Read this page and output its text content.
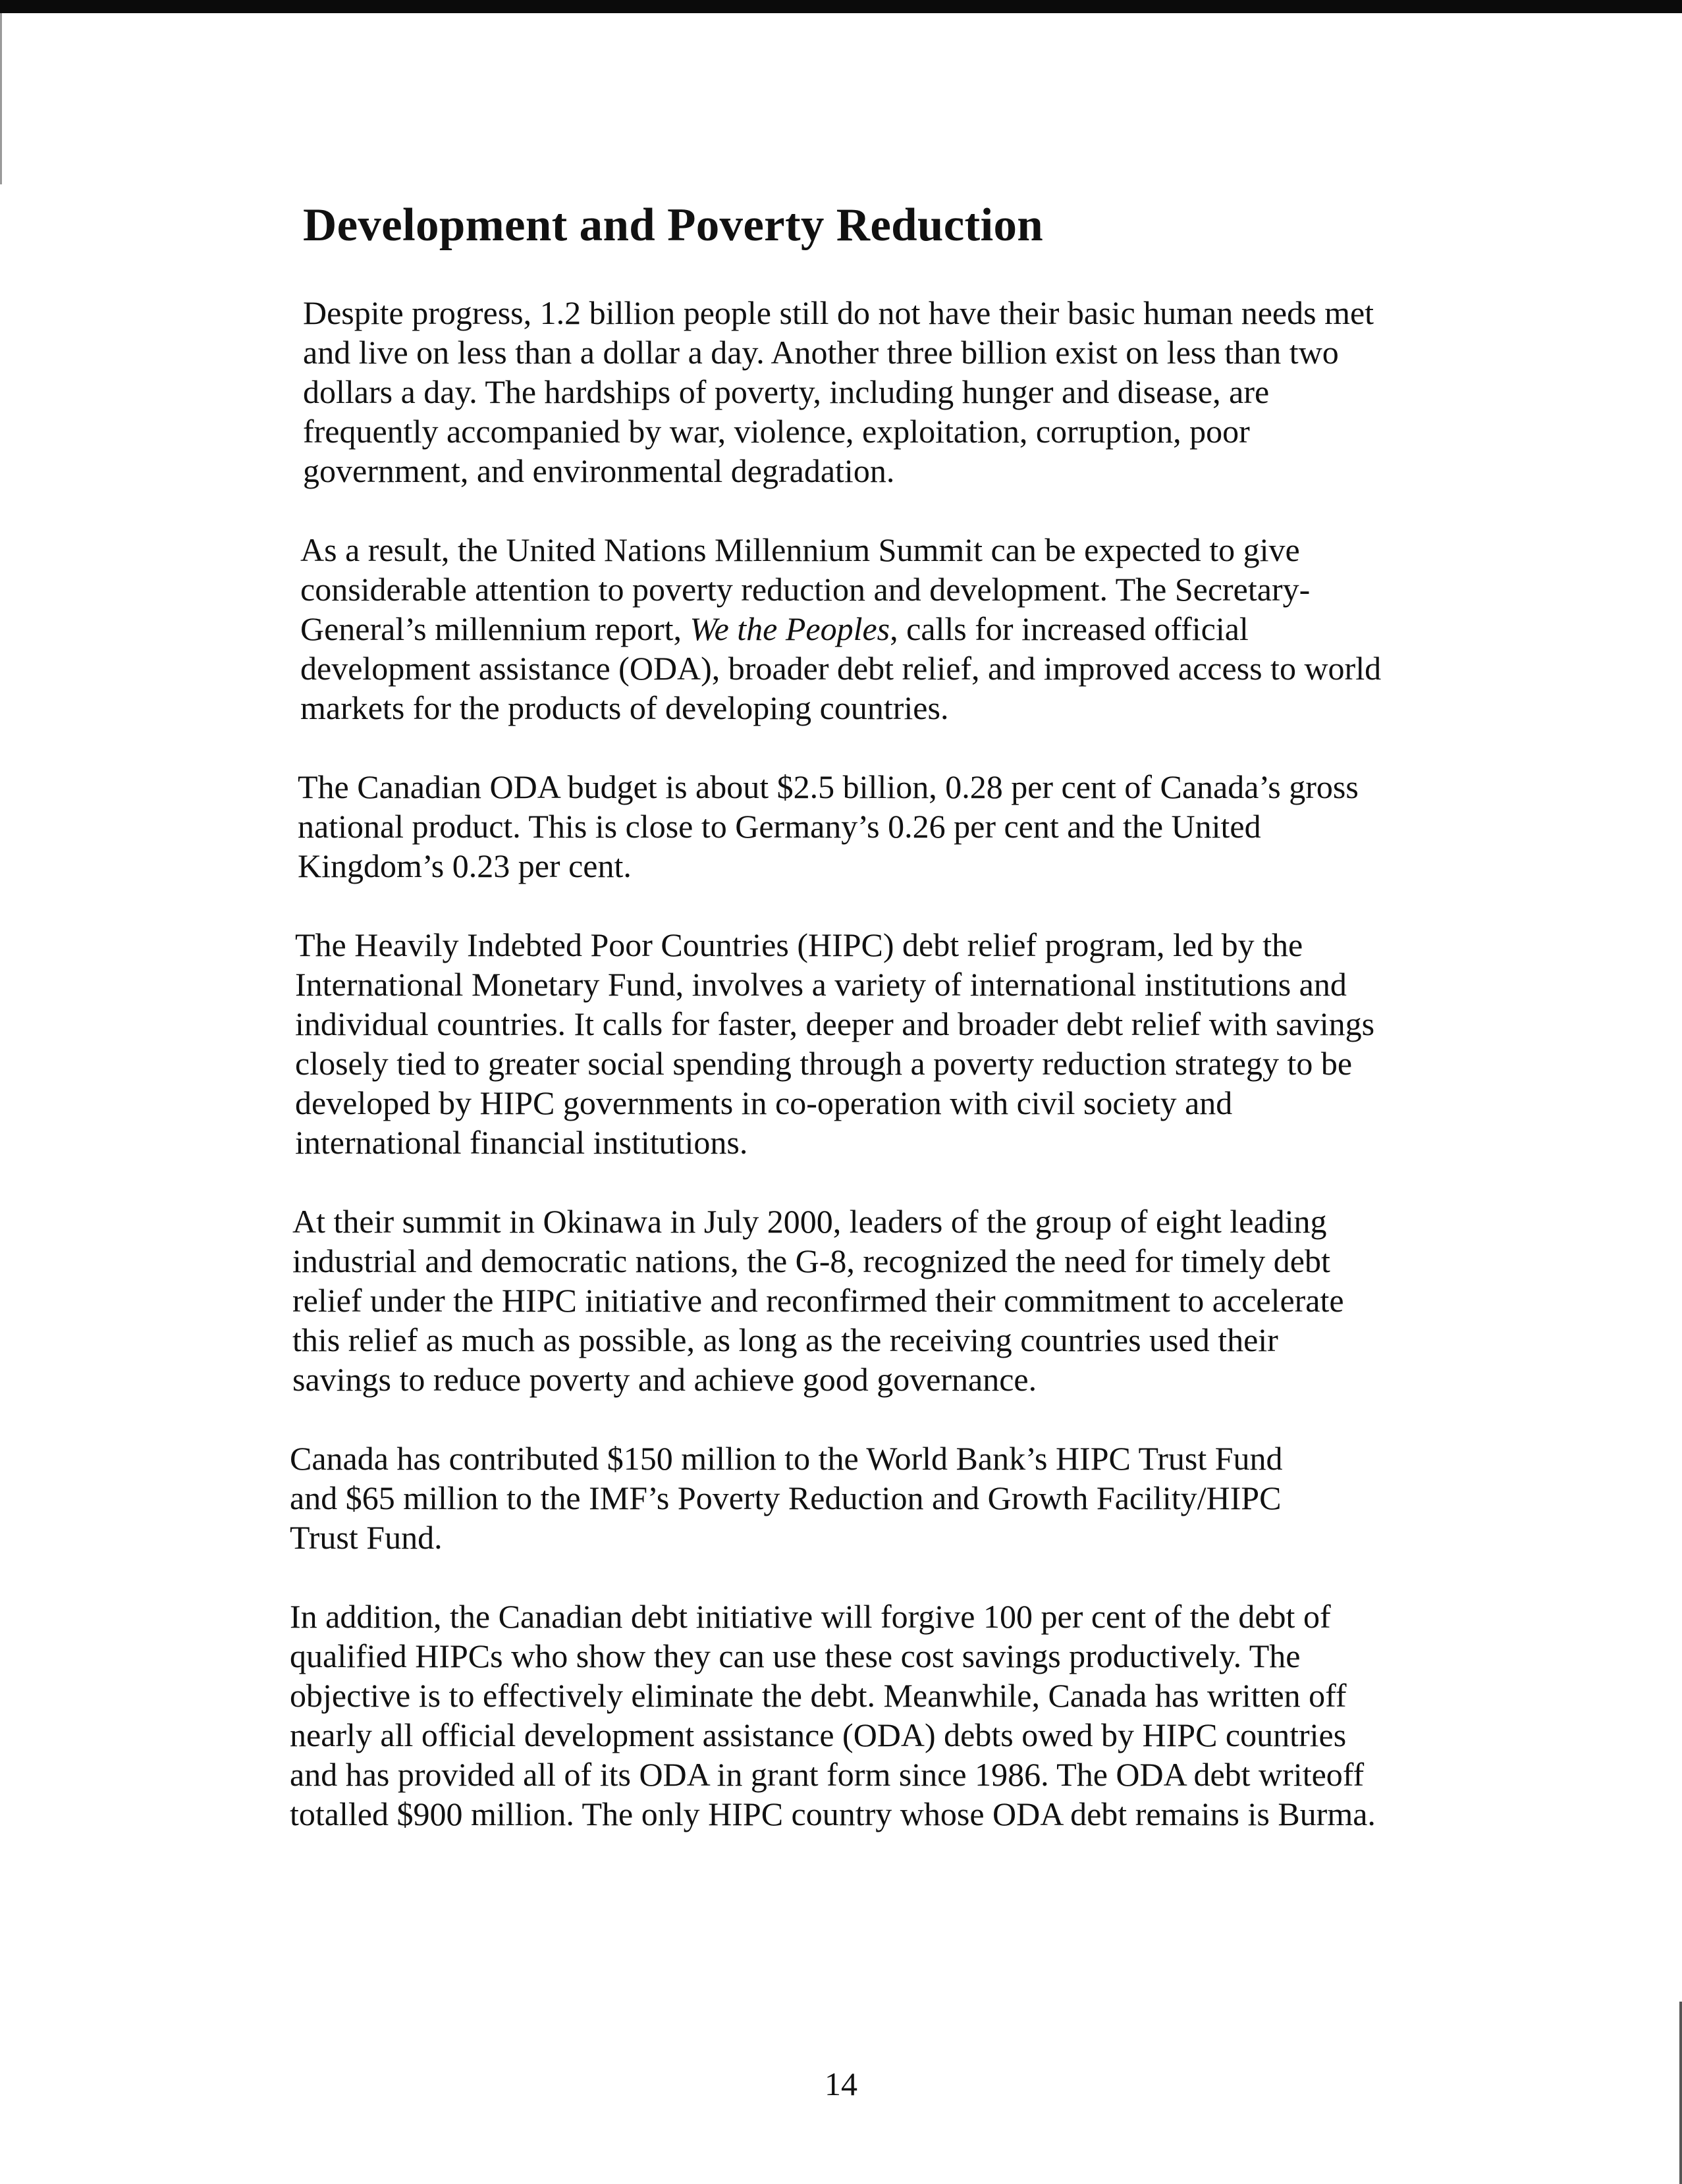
Development and Poverty Reduction

Despite progress, 1.2 billion people still do not have their basic human needs met
and live on less than a dollar a day. Another three billion exist on less than two
dollars a day. The hardships of poverty, including hunger and disease, are
frequently accompanied by war, violence, exploitation, corruption, poor
government, and environmental degradation.

As a result, the United Nations Millennium Summit can be expected to give
considerable attention to poverty reduction and development. The Secretary-
General’s millennium report, We the Peoples, calls for increased official
development assistance (ODA), broader debt relief, and improved access to world
markets for the products of developing countries.

The Canadian ODA budget is about $2.5 billion, 0.28 per cent of Canada’s gross
national product. This is close to Germany’s 0.26 per cent and the United
Kingdom’s 0.23 per cent.

The Heavily Indebted Poor Countries (HIPC) debt relief program, led by the
International Monetary Fund, involves a variety of international institutions and
individual countries. It calls for faster, deeper and broader debt relief with savings
closely tied to greater social spending through a poverty reduction strategy to be
developed by HIPC governments in co-operation with civil society and
international financial institutions.

At their summit in Okinawa in July 2000, leaders of the group of eight leading
industrial and democratic nations, the G-8, recognized the need for timely debt
relief under the HIPC initiative and reconfirmed their commitment to accelerate
this relief as much as possible, as long as the receiving countries used their
savings to reduce poverty and achieve good governance.

Canada has contributed $150 million to the World Bank’s HIPC Trust Fund
and $65 million to the IMF’s Poverty Reduction and Growth Facility/HIPC
Trust Fund.

In addition, the Canadian debt initiative will forgive 100 per cent of the debt of
qualified HIPCs who show they can use these cost savings productively. The
objective is to effectively eliminate the debt. Meanwhile, Canada has written off
nearly all official development assistance (ODA) debts owed by HIPC countries
and has provided all of its ODA in grant form since 1986. The ODA debt writeoff
totalled $900 million. The only HIPC country whose ODA debt remains is Burma.

14
